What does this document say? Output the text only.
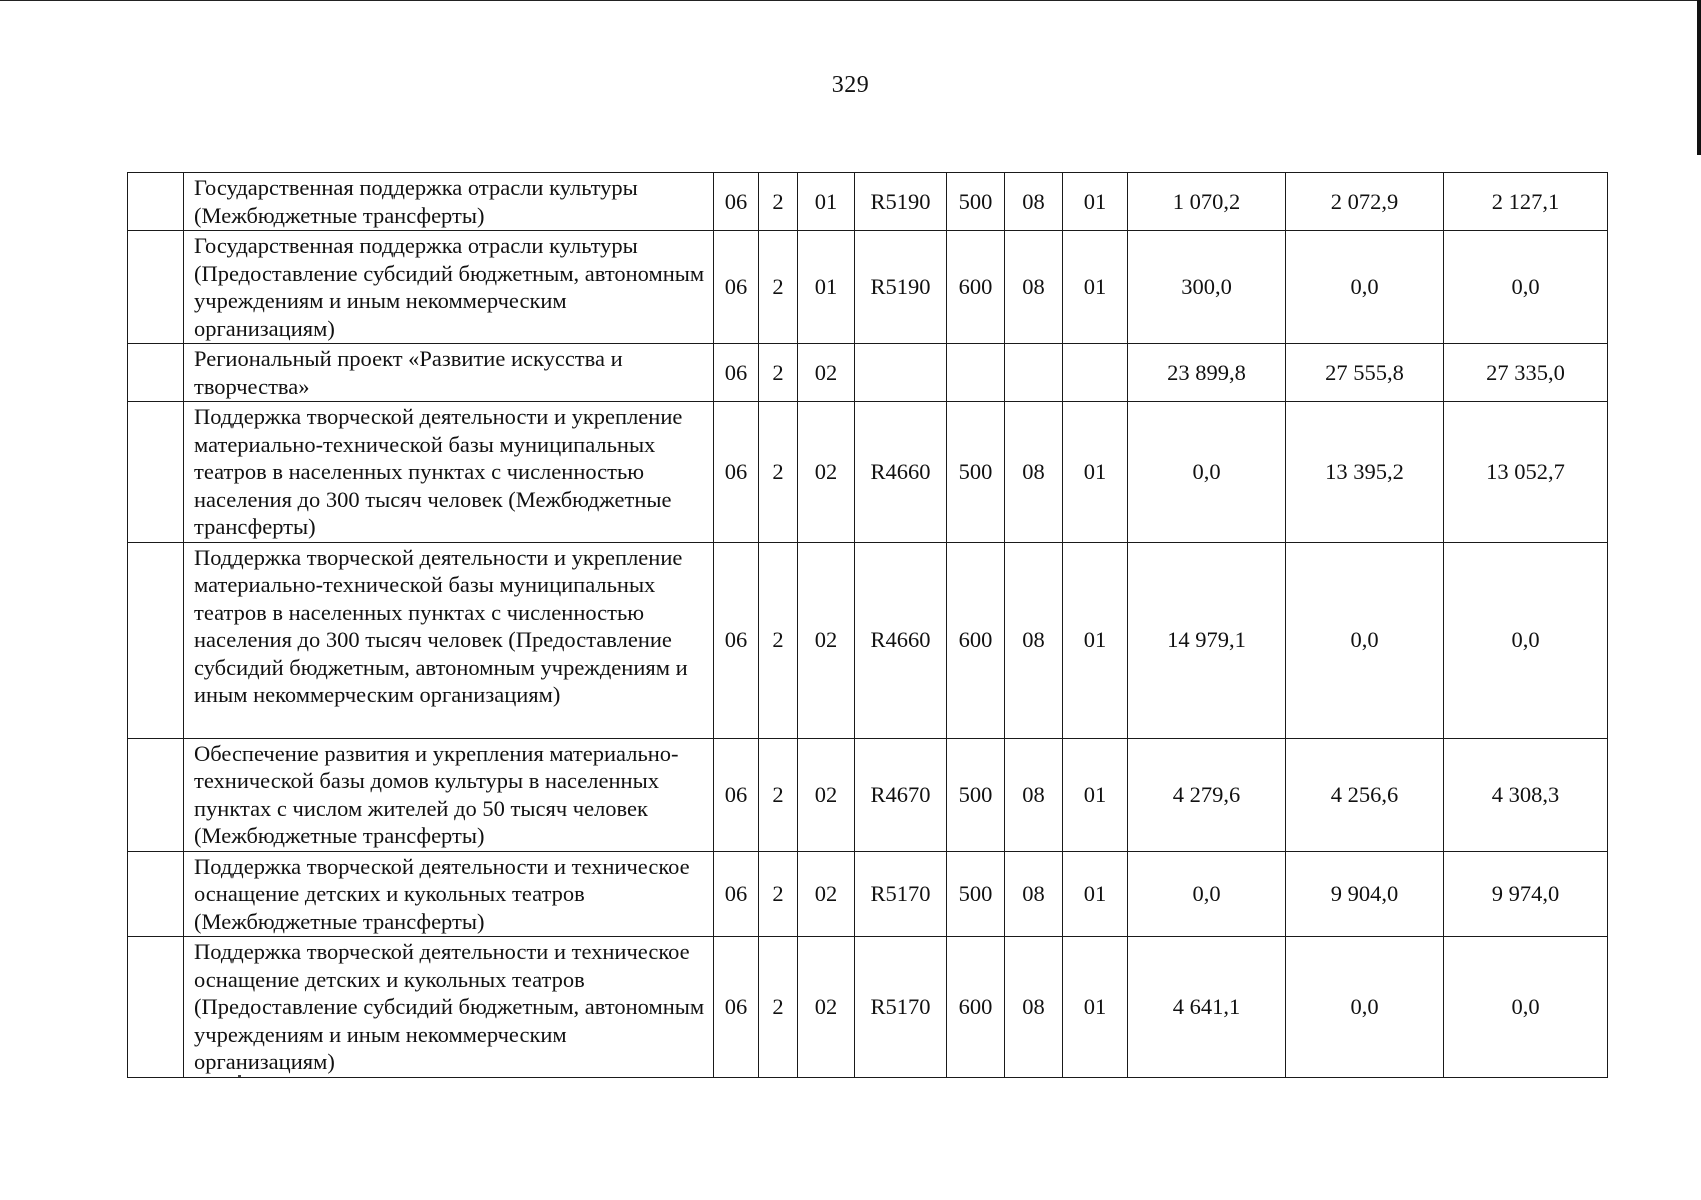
329
	Государственная поддержка отрасли культуры (Межбюджетные трансферты)	06	2	01	R5190	500	08	01	1 070,2	2 072,9	2 127,1
	Государственная поддержка отрасли культуры (Предоставление субсидий бюджетным, автономным учреждениям и иным некоммерческим организациям)	06	2	01	R5190	600	08	01	300,0	0,0	0,0
	Региональный проект «Развитие искусства и творчества»	06	2	02					23 899,8	27 555,8	27 335,0
	Поддержка творческой деятельности и укрепление материально-технической базы муниципальных театров в населенных пунктах с численностью населения до 300 тысяч человек (Межбюджетные трансферты)	06	2	02	R4660	500	08	01	0,0	13 395,2	13 052,7
	Поддержка творческой деятельности и укрепление материально-технической базы муниципальных театров в населенных пунктах с численностью населения до 300 тысяч человек (Предоставление субсидий бюджетным, автономным учреждениям и иным некоммерческим организациям)	06	2	02	R4660	600	08	01	14 979,1	0,0	0,0
	Обеспечение развития и укрепления материально-технической базы домов культуры в населенных пунктах с числом жителей до 50 тысяч человек (Межбюджетные трансферты)	06	2	02	R4670	500	08	01	4 279,6	4 256,6	4 308,3
	Поддержка творческой деятельности и техническое оснащение детских и кукольных театров (Межбюджетные трансферты)	06	2	02	R5170	500	08	01	0,0	9 904,0	9 974,0
	Поддержка творческой деятельности и техническое оснащение детских и кукольных театров (Предоставление субсидий бюджетным, автономным учреждениям и иным некоммерческим организациям)	06	2	02	R5170	600	08	01	4 641,1	0,0	0,0
